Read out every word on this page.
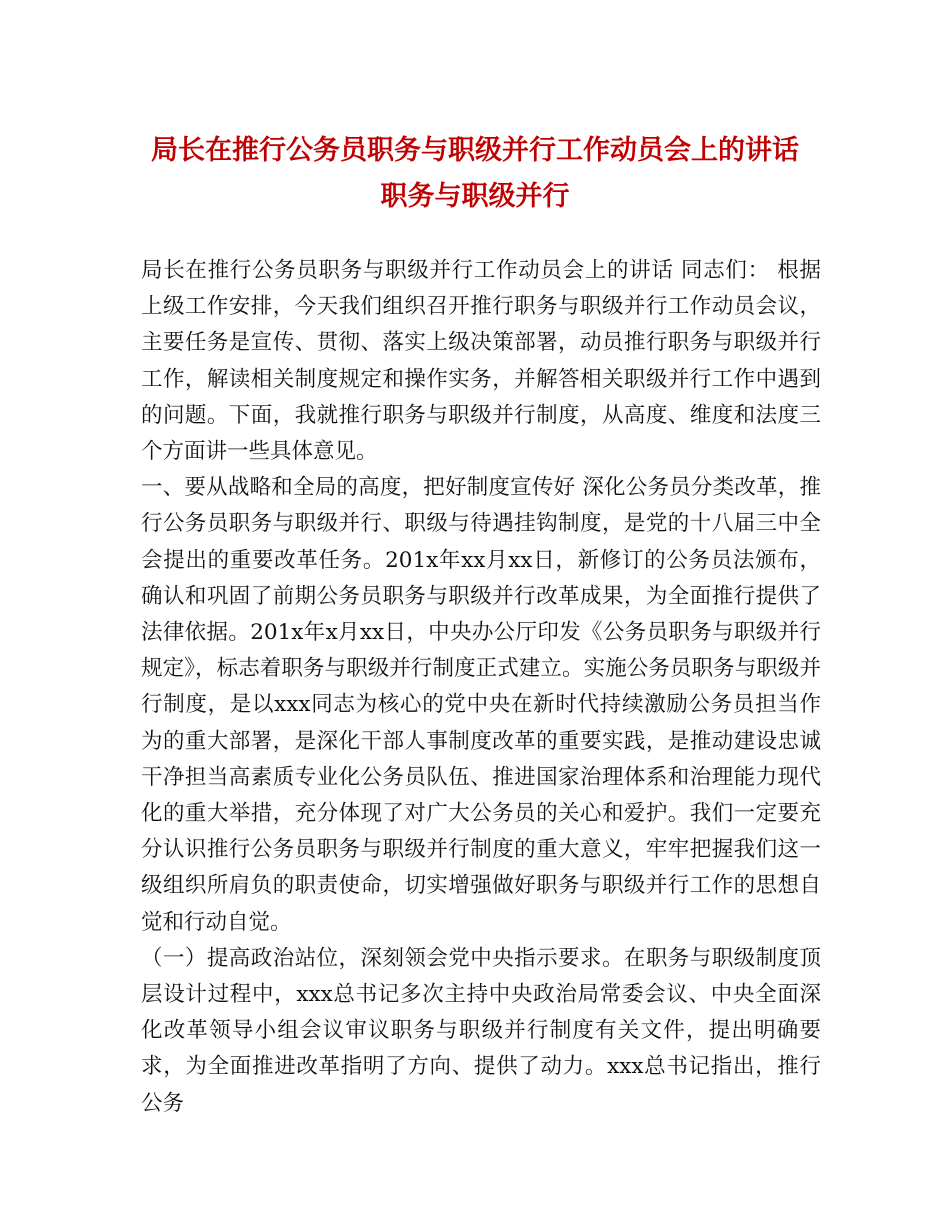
局长在推行公务员职务与职级并行工作动员会上的讲话
职务与职级并行

局长在推行公务员职务与职级并行工作动员会上的讲话 同志们： 根据上级工作安排，今天我们组织召开推行职务与职级并行工作动员会议，主要任务是宣传、贯彻、落实上级决策部署，动员推行职务与职级并行工作，解读相关制度规定和操作实务，并解答相关职级并行工作中遇到的问题。下面，我就推行职务与职级并行制度，从高度、维度和法度三个方面讲一些具体意见。

一、要从战略和全局的高度，把好制度宣传好 深化公务员分类改革，推行公务员职务与职级并行、职级与待遇挂钩制度，是党的十八届三中全会提出的重要改革任务。201x年xx月xx日，新修订的公务员法颁布，确认和巩固了前期公务员职务与职级并行改革成果，为全面推行提供了法律依据。201x年x月xx日，中央办公厅印发《公务员职务与职级并行规定》，标志着职务与职级并行制度正式建立。实施公务员职务与职级并行制度，是以xxx同志为核心的党中央在新时代持续激励公务员担当作为的重大部署，是深化干部人事制度改革的重要实践，是推动建设忠诚干净担当高素质专业化公务员队伍、推进国家治理体系和治理能力现代化的重大举措，充分体现了对广大公务员的关心和爱护。我们一定要充分认识推行公务员职务与职级并行制度的重大意义，牢牢把握我们这一级组织所肩负的职责使命，切实增强做好职务与职级并行工作的思想自觉和行动自觉。

（一）提高政治站位，深刻领会党中央指示要求。在职务与职级制度顶层设计过程中，xxx总书记多次主持中央政治局常委会议、中央全面深化改革领导小组会议审议职务与职级并行制度有关文件，提出明确要求，为全面推进改革指明了方向、提供了动力。xxx总书记指出，推行公务
